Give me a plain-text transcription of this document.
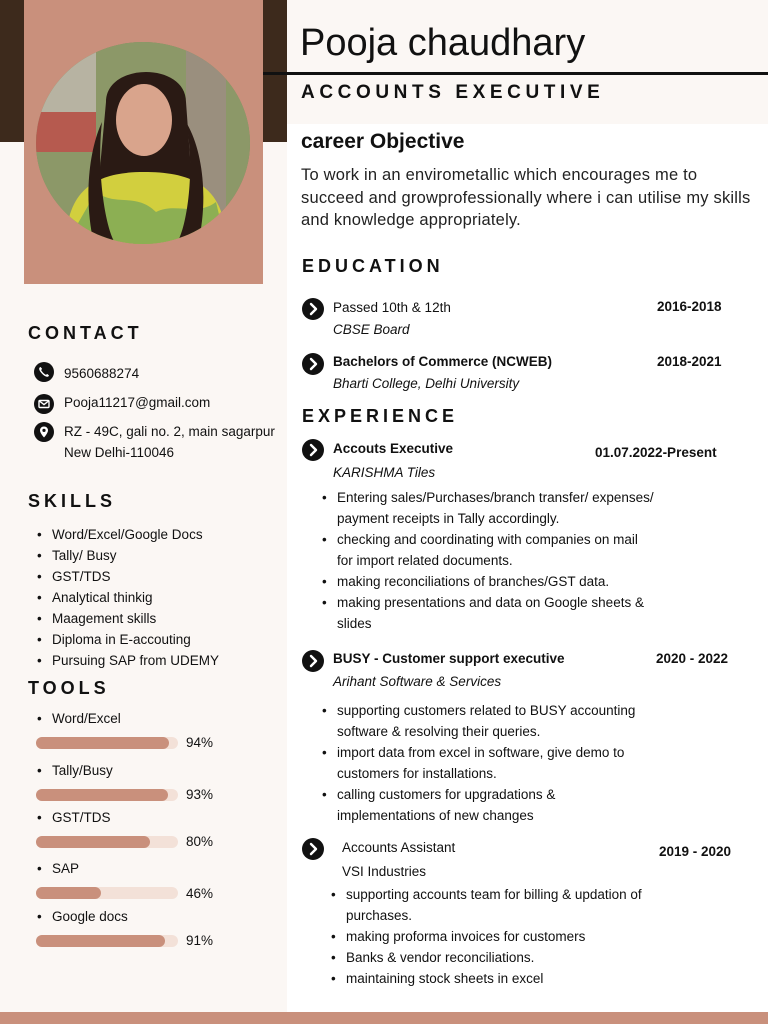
Pooja chaudhary
ACCOUNTS EXECUTIVE
career Objective
To work in an envirometallic which encourages me to succeed and growprofessionally where i can utilise my skills and knowledge appropriately.
EDUCATION
Passed 10th & 12th
CBSE Board
2016-2018
Bachelors of Commerce (NCWEB)
Bharti College, Delhi University
2018-2021
EXPERIENCE
Accouts Executive
KARISHMA Tiles
01.07.2022-Present
• Entering sales/Purchases/branch transfer/ expenses/
payment receipts in Tally accordingly.
• checking and coordinating with companies on mail
for import related documents.
• making reconciliations of branches/GST data.
• making presentations and data on Google sheets &
slides
BUSY - Customer support executive
Arihant Software & Services
2020 - 2022
• supporting customers related to BUSY accounting
software & resolving their queries.
• import data from excel in software, give demo to
customers for installations.
• calling customers for upgradations &
implementations of new changes
Accounts Assistant
VSI Industries
2019 - 2020
• supporting accounts team for billing & updation of
purchases.
• making proforma invoices for customers
• Banks & vendor reconciliations.
• maintaining stock sheets in excel
CONTACT
9560688274
Pooja11217@gmail.com
RZ - 49C, gali no. 2, main sagarpur
New Delhi-110046
SKILLS
• Word/Excel/Google Docs
• Tally/ Busy
• GST/TDS
• Analytical thinkig
• Maagement skills
• Diploma in E-accouting
• Pursuing SAP from UDEMY
TOOLS
• Word/Excel
94%
• Tally/Busy
93%
• GST/TDS
80%
• SAP
46%
• Google docs
91%
